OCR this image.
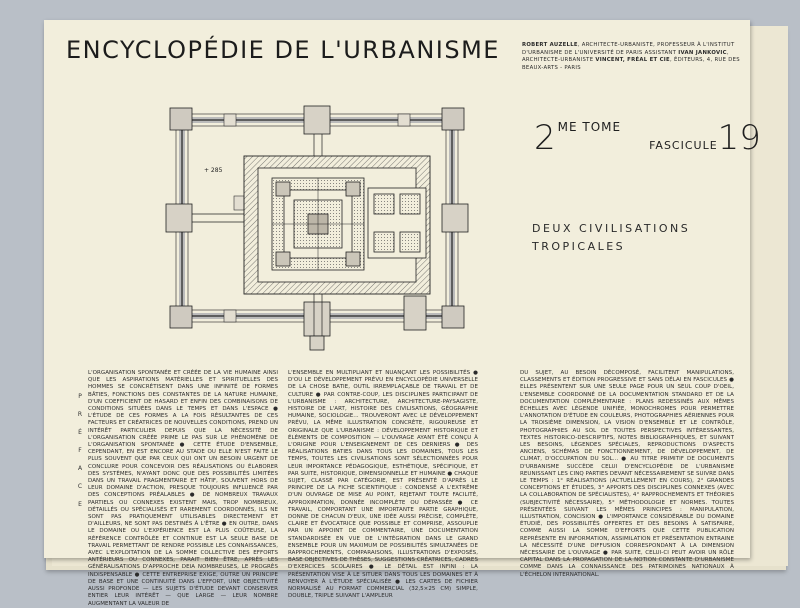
ENCYCLOPÉDIE DE L'URBANISME	ROBERT AUZELLE, ARCHITECTE-URBANISTE, PROFESSEUR À L'INSTITUT D'URBANISME DE L'UNIVERSITÉ DE PARIS ASSISTANT IVAN JANKOVIC, ARCHITECTE-URBANISTE VINCENT, FRÉAL ET CIE, ÉDITEURS, 4, RUE DES BEAUX-ARTS - PARIS
2 $^{ME TOME}$FASCICULE19
DEUX CIVILISATIONS TROPICALES
+ 285
P
R
É
F
A
C
E
L'ORGANISATION SPONTANÉE ET CRÉÉE DE LA VIE HUMAINE AINSI QUE LES ASPIRATIONS MATÉRIELLES ET SPIRITUELLES DES HOMMES SE CONCRÉTISENT DANS UNE INFINITÉ DE FORMES BÂTIES, FONCTIONS DES CONSTANTES DE LA NATURE HUMAINE, D'UN COEFFICIENT DE HASARD ET ENFIN DES COMBINAISONS DE CONDITIONS SITUÉES DANS LE TEMPS ET DANS L'ESPACE ● L'ÉTUDE DE CES FORMES A LA FOIS RÉSULTANTES DE CES FACTEURS ET CRÉATRICES DE NOUVELLES CONDITIONS, PREND UN INTÉRÊT PARTICULIER DEPUIS QUE LA NÉCESSITÉ DE L'ORGANISATION CRÉÉE PRIME LE PAS SUR LE PHÉNOMÈNE DE L'ORGANISATION SPONTANÉE ● CETTE ÉTUDE D'ENSEMBLE, CEPENDANT, EN EST ENCORE AU STADE OU ELLE N'EST FAITE LE PLUS SOUVENT QUE PAR CEUX QUI ONT UN BESOIN URGENT DE CONCLURE POUR CONCEVOIR DES RÉALISATIONS OU ÉLABORER DES SYSTÈMES, N'AYANT DONC QUE DES POSSIBILITÉS LIMITÉES DANS UN TRAVAIL FRAGMENTAIRE ET HÂTIF, SOUVENT HORS DE LEUR DOMAINE D'ACTION, PRESQUE TOUJOURS INFLUENCÉ PAR DES CONCEPTIONS PRÉALABLES ● DE NOMBREUX TRAVAUX PARTIELS OU CONNEXES EXISTENT MAIS, TROP NOMBREUX, DÉTAILLÉS OU SPÉCIALISÉS ET RAREMENT COORDONNÉS, ILS NE SONT PAS PRATIQUEMENT UTILISABLES DIRECTEMENT ET D'AILLEURS, NE SONT PAS DESTINÉS À L'ÊTRE ● EN OUTRE, DANS LE DOMAINE OU L'EXPÉRIENCE EST LA PLUS COÛTEUSE, LA RÉFÉRENCE CONTRÔLÉE ET CONTINUE EST LA SEULE BASE DE TRAVAIL PERMETTANT DE RENDRE POSSIBLE LES CONNAISSANCES, AVEC L'EXPLOITATION DE LA SOMME COLLECTIVE DES EFFORTS ANTÉRIEURS OU CONNEXES, PARAIT BIEN ÊTRE, APRÈS LES GÉNÉRALISATIONS D'APPROCHE DEIA NOMBREUSES, LE PROGRÈS INDISPENSABLE ● CETTE ENTREPRISE EXIGE, OUTRE UN PRINCIPE DE BASE ET UNE CONTINUITÉ DANS L'EFFORT, UNE OBJECTIVITÉ AUSSI PROFONDE — LES SUJETS D'ÉTUDE DEVANT CONSERVER ENTIER LEUR INTÉRÊT — QUE LARGE — LEUR NOMBRE AUGMENTANT LA VALEUR DE
L'ENSEMBLE EN MULTIPLIANT ET NUANÇANT LES POSSIBILITÉS ● D'OU LE DÉVELOPPEMENT PRÉVU EN ENCYCLOPÉDIE UNIVERSELLE DE LA CHOSE BATIE, OUTIL IRREMPLAÇABLE DE TRAVAIL ET DE CULTURE ● PAR CONTRE-COUP, LES DISCIPLINES PARTICIPANT DE L'URBANISME : ARCHITECTURE, ARCHITECTURE-PAYSAGISTE, HISTOIRE DE L'ART, HISTOIRE DES CIVILISATIONS, GÉOGRAPHIE HUMAINE, SOCIOLOGIE... TROUVERONT AVEC LE DÉVELOPPEMENT PRÉVU, LA MÊME ILLUSTRATION CONCRÈTE, RIGOUREUSE ET ORIGINALE QUE L'URBANISME : DÉVELOPPEMENT HISTORIQUE ET ÉLÉMENTS DE COMPOSITION — L'OUVRAGE AYANT ÉTÉ CONÇU À L'ORIGINE POUR L'ENSEIGNEMENT DE CES DERNIERS ● DES RÉALISATIONS BATIES DANS TOUS LES DOMAINES, TOUS LES TEMPS, TOUTES LES CIVILISATIONS SONT SÉLECTIONNÉES POUR LEUR IMPORTANCE PÉDAGOGIQUE, ESTHÉTIQUE, SPÉCIFIQUE, ET PAR SUITE, HISTORIQUE, DIMENSIONNELLE ET HUMAINE ● CHAQUE SUJET, CLASSÉ PAR CATÉGORIE, EST PRÉSENTÉ D'APRÈS LE PRINCIPE DE LA FICHE SCIENTIFIQUE : CONDENSÉ A L'EXTRÊME D'UN OUVRAGE DE MISE AU POINT, REJETANT TOUTE FACILITÉ, APPROXIMATION, DONNÉE INCOMPLÈTE OU DÉPASSÉE ● CE TRAVAIL, COMPORTANT UNE IMPORTANTE PARTIE GRAPHIQUE, DONNE DE CHACUN D'EUX, UNE IDÉE AUSSI PRÉCISE, COMPLÈTE, CLAIRE ET ÉVOCATRICE QUE POSSIBLE ET COMPRISE, ASSOUPLIE PAR UN APPOINT DE COMMENTAIRE, UNE DOCUMENTATION STANDARDISÉE EN VUE DE L'INTÉGRATION DANS LE GRAND ENSEMBLE POUR UN MAXIMUM DE POSSIBILITÉS SIMULTANÉES DE RAPPROCHEMENTS, COMPARAISONS, ILLUSTRATIONS D'EXPOSÉS, BASE OBJECTIVES DE THÈSES, SUGGESTIONS CRÉATRICES, CADRES D'EXERCICES SCOLAIRES ● LE DÉTAIL EST INFINI : LA PRÉSENTATION VISE À LE SITUER DANS TOUS LES DOMAINES ET À RENVOYER À L'ÉTUDE SPÉCIALISÉE ● LES CARTES DE FICHIER NORMALISÉ AU FORMAT COMMERCIAL (32,5×25 CM) SIMPLE, DOUBLE, TRIPLE SUIVANT L'AMPLEUR
DU SUJET, AU BESOIN DÉCOMPOSÉ, FACILITENT MANIPULATIONS, CLASSEMENTS ET ÉDITION PROGRESSIVE ET SANS DÉLAI EN FASCICULES ● ELLES PRÉSENTENT SUR UNE SEULE PAGE POUR UN SEUL COUP D'OEIL, L'ENSEMBLE COORDONNÉ DE LA DOCUMENTATION STANDARD ET DE LA DOCUMENTATION COMPLÉMENTAIRE : PLANS REDESSINÉS AUX MÊMES ÉCHELLES AVEC LÉGENDE UNIFIÉE, MONOCHROMES POUR PERMETTRE L'ANNOTATION D'ÉTUDE EN COULEURS, PHOTOGRAPHIES AÉRIENNES POUR LA TROISIÈME DIMENSION, LA VISION D'ENSEMBLE ET LE CONTRÔLE, PHOTOGRAPHIES AU SOL DE TOUTES PERSPECTIVES INTÉRESSANTES, TEXTES HISTORICO-DESCRIPTIFS, NOTES BIBLIOGRAPHIQUES, ET SUIVANT LES BESOINS, LÉGENDES SPÉCIALES, REPRODUCTIONS D'ASPECTS ANCIENS, SCHÉMAS DE FONCTIONNEMENT, DE DÉVELOPPEMENT, DE CLIMAT, D'OCCUPATION DU SOL... ● AU TITRE PRIMITIF DE DOCUMENTS D'URBANISME SUCCÈDE CELUI D'ENCYCLOPÉDIE DE L'URBANISME REUNISSANT LES CINQ PARTIES DEVANT NÉCESSAIREMENT SE SUIVRE DANS LE TEMPS : 1° RÉALISATIONS (ACTUELLEMENT EN COURS), 2° GRANDES CONCEPTIONS ET ÉTUDES, 3° APPORTS DES DISCIPLINES CONNEXES (AVEC LA COLLABORATION DE SPÉCIALISTES), 4° RAPPROCHEMENTS ET THÉORIES (SUBJECTIVITÉ NÉCESSAIRE), 5° MÉTHODOLOGIE ET NORMES. TOUTES PRÉSENTÉES SUIVANT LES MÊMES PRINCIPES : MANIPULATION, ILLUSTRATION, CONCISION ● L'IMPORTANCE CONSIDÉRABLE DU DOMAINE ÉTUDIÉ, DES POSSIBILITÉS OFFERTES ET DES BESOINS À SATISFAIRE, COMME AUSSI LA SOMME D'EFFORTS QUE CETTE PUBLICATION REPRÉSENTE EN INFORMATION, ASSIMILATION ET PRÉSENTATION ENTRAINE LA NÉCESSITÉ D'UNE DIFFUSION CORRESPONDANT À LA DIMENSION NÉCESSAIRE DE L'OUVRAGE ● PAR SUITE, CELUI-CI PEUT AVOIR UN RÔLE CAPITAL DANS LA PROPAGATION DE LA NOTION CONSTANTE D'URBANISME COMME DANS LA CONNAISSANCE DES PATRIMOINES NATIONAUX À L'ÉCHELON INTERNATIONAL.
